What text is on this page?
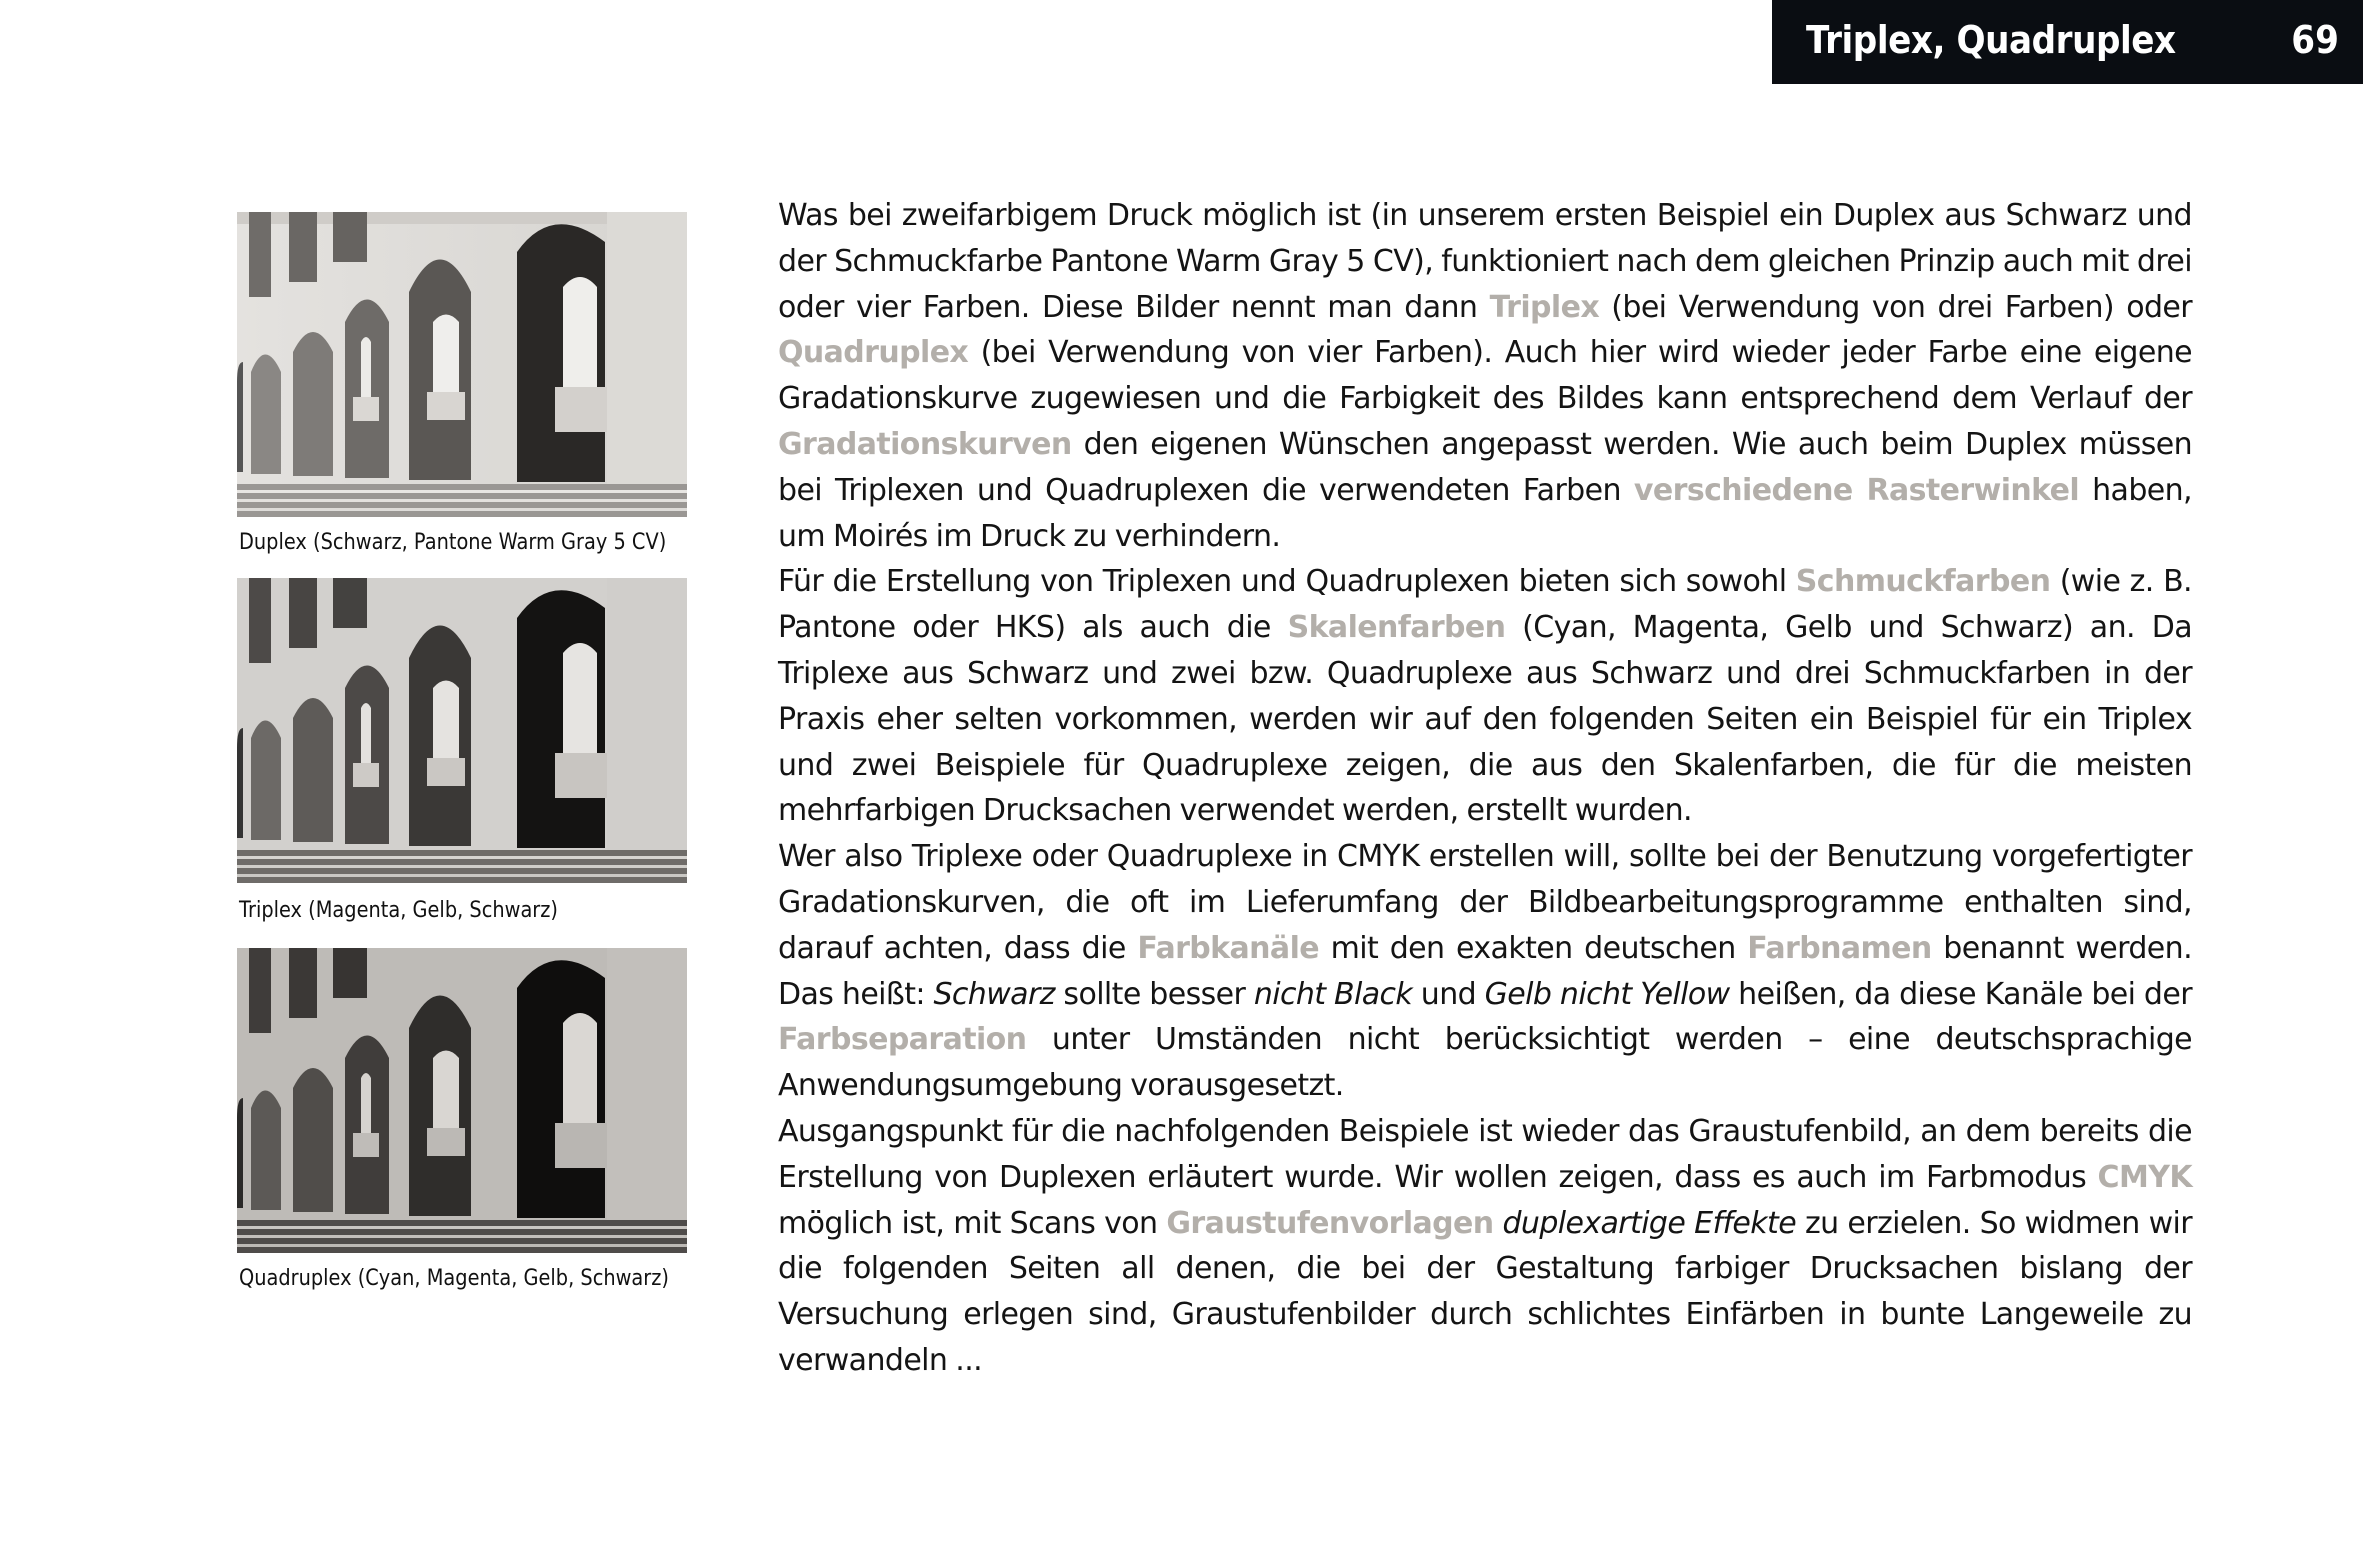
Triplex, Quadruplex	69
Duplex (Schwarz, Pantone Warm Gray 5 CV)
Triplex (Magenta, Gelb, Schwarz)
Quadruplex (Cyan, Magenta, Gelb, Schwarz)

Was bei zweifarbigem Druck möglich ist (in unserem ersten Beispiel ein Duplex aus Schwarz und der Schmuckfarbe Pantone Warm Gray 5 CV), funktioniert nach dem gleichen Prinzip auch mit drei oder vier Farben. Diese Bilder nennt man dann Triplex (bei Verwendung von drei Farben) oder Quadruplex (bei Verwendung von vier Farben). Auch hier wird wieder jeder Farbe eine eigene Gradationskurve zugewiesen und die Farbigkeit des Bildes kann entsprechend dem Verlauf der Gradationskurven den eigenen Wünschen angepasst werden. Wie auch beim Duplex müssen bei Triplexen und Quadruplexen die verwendeten Farben verschiedene Rasterwinkel haben, um Moirés im Druck zu verhindern.

Für die Erstellung von Triplexen und Quadruplexen bieten sich sowohl Schmuckfarben (wie z. B. Pantone oder HKS) als auch die Skalenfarben (Cyan, Magenta, Gelb und Schwarz) an. Da Triplexe aus Schwarz und zwei bzw. Quadruplexe aus Schwarz und drei Schmuckfarben in der Praxis eher selten vorkommen, werden wir auf den folgenden Seiten ein Beispiel für ein Triplex und zwei Beispiele für Quadruplexe zeigen, die aus den Skalenfarben, die für die meisten mehrfarbigen Drucksachen verwendet werden, erstellt wurden.

Wer also Triplexe oder Quadruplexe in CMYK erstellen will, sollte bei der Benutzung vorgefertigter Gradationskurven, die oft im Lieferumfang der Bildbearbeitungsprogramme enthalten sind, darauf achten, dass die Farbkanäle mit den exakten deutschen Farbnamen benannt werden. Das heißt: Schwarz sollte besser nicht Black und Gelb nicht Yellow heißen, da diese Kanäle bei der Farbseparation unter Umständen nicht berücksichtigt werden – eine deutschsprachige Anwendungsumgebung vorausgesetzt.

Ausgangspunkt für die nachfolgenden Beispiele ist wieder das Graustufenbild, an dem bereits die Erstellung von Duplexen erläutert wurde. Wir wollen zeigen, dass es auch im Farbmodus CMYK möglich ist, mit Scans von Graustufenvorlagen duplexartige Effekte zu erzielen. So widmen wir die folgenden Seiten all denen, die bei der Gestaltung farbiger Drucksachen bislang der Versuchung erlegen sind, Graustufenbilder durch schlichtes Einfärben in bunte Langeweile zu verwandeln ...
